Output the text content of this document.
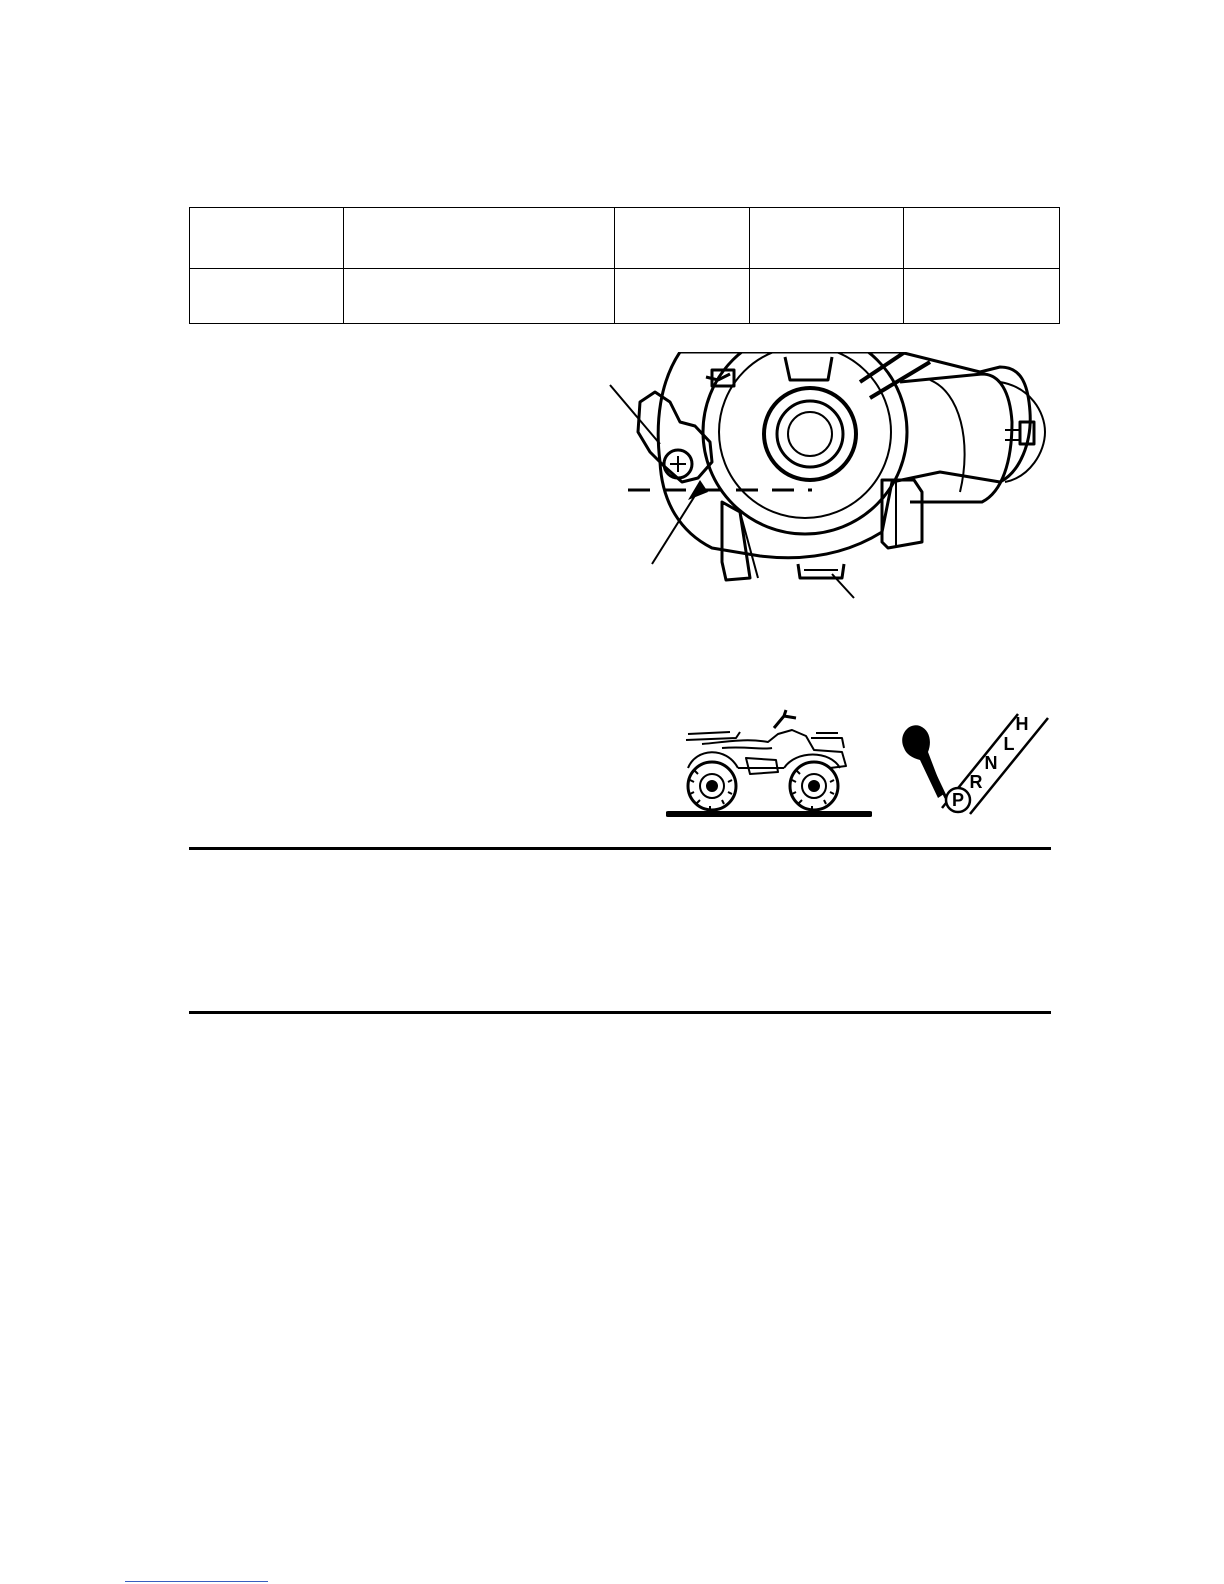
P
R
N
L
H
